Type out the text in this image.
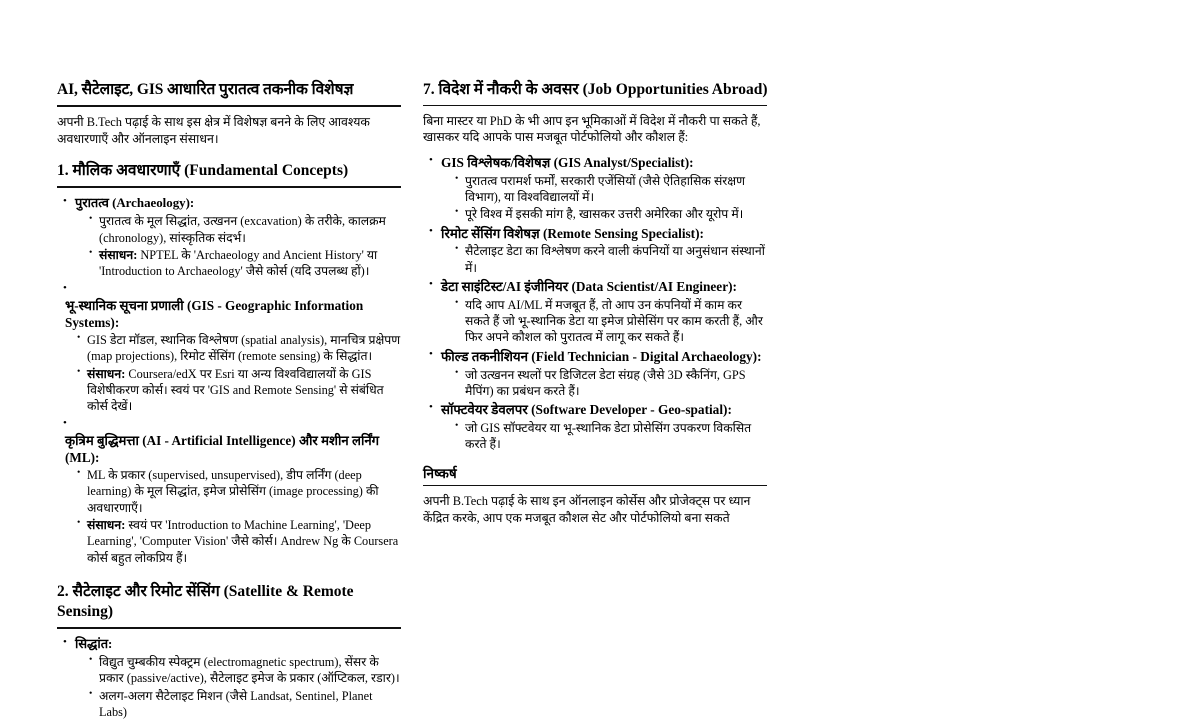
AI, सैटेलाइट, GIS आधारित पुरातत्व तकनीक विशेषज्ञ

अपनी B.Tech पढ़ाई के साथ इस क्षेत्र में विशेषज्ञ बनने के लिए आवश्यक अवधारणाएँ और ऑनलाइन संसाधन।

1. मौलिक अवधारणाएँ (Fundamental Concepts)
• पुरातत्व (Archaeology):
• पुरातत्व के मूल सिद्धांत, उत्खनन (excavation) के तरीके, कालक्रम (chronology), सांस्कृतिक संदर्भ।
• संसाधन: NPTEL के 'Archaeology and Ancient History' या 'Introduction to Archaeology' जैसे कोर्स (यदि उपलब्ध हों)।
•
भू-स्थानिक सूचना प्रणाली (GIS - Geographic Information Systems):
• GIS डेटा मॉडल, स्थानिक विश्लेषण (spatial analysis), मानचित्र प्रक्षेपण (map projections), रिमोट सेंसिंग (remote sensing) के सिद्धांत।
• संसाधन: Coursera/edX पर Esri या अन्य विश्वविद्यालयों के GIS विशेषीकरण कोर्स। स्वयं पर 'GIS and Remote Sensing' से संबंधित कोर्स देखें।
•
कृत्रिम बुद्धिमत्ता (AI - Artificial Intelligence) और मशीन लर्निंग (ML):
• ML के प्रकार (supervised, unsupervised), डीप लर्निंग (deep learning) के मूल सिद्धांत, इमेज प्रोसेसिंग (image processing) की अवधारणाएँ।
• संसाधन: स्वयं पर 'Introduction to Machine Learning', 'Deep Learning', 'Computer Vision' जैसे कोर्स। Andrew Ng के Coursera कोर्स बहुत लोकप्रिय हैं।
2. सैटेलाइट और रिमोट सेंसिंग (Satellite & Remote Sensing)
• सिद्धांत:
• विद्युत चुम्बकीय स्पेक्ट्रम (electromagnetic spectrum), सेंसर के प्रकार (passive/active), सैटेलाइट इमेज के प्रकार (ऑप्टिकल, रडार)।
• अलग-अलग सैटेलाइट मिशन (जैसे Landsat, Sentinel, Planet Labs)
7. विदेश में नौकरी के अवसर (Job Opportunities Abroad)

बिना मास्टर या PhD के भी आप इन भूमिकाओं में विदेश में नौकरी पा सकते हैं, खासकर यदि आपके पास मजबूत पोर्टफोलियो और कौशल हैं:

• GIS विश्लेषक/विशेषज्ञ (GIS Analyst/Specialist):
• पुरातत्व परामर्श फर्मों, सरकारी एजेंसियों (जैसे ऐतिहासिक संरक्षण विभाग), या विश्वविद्यालयों में।
• पूरे विश्व में इसकी मांग है, खासकर उत्तरी अमेरिका और यूरोप में।
• रिमोट सेंसिंग विशेषज्ञ (Remote Sensing Specialist):
• सैटेलाइट डेटा का विश्लेषण करने वाली कंपनियों या अनुसंधान संस्थानों में।
• डेटा साइंटिस्ट/AI इंजीनियर (Data Scientist/AI Engineer):
• यदि आप AI/ML में मजबूत हैं, तो आप उन कंपनियों में काम कर सकते हैं जो भू-स्थानिक डेटा या इमेज प्रोसेसिंग पर काम करती हैं, और फिर अपने कौशल को पुरातत्व में लागू कर सकते हैं।
• फील्ड तकनीशियन (Field Technician - Digital Archaeology):
• जो उत्खनन स्थलों पर डिजिटल डेटा संग्रह (जैसे 3D स्कैनिंग, GPS मैपिंग) का प्रबंधन करते हैं।
• सॉफ्टवेयर डेवलपर (Software Developer - Geo-spatial):
• जो GIS सॉफ्टवेयर या भू-स्थानिक डेटा प्रोसेसिंग उपकरण विकसित करते हैं।
निष्कर्ष

अपनी B.Tech पढ़ाई के साथ इन ऑनलाइन कोर्सेस और प्रोजेक्ट्स पर ध्यान केंद्रित करके, आप एक मजबूत कौशल सेट और पोर्टफोलियो बना सकते
